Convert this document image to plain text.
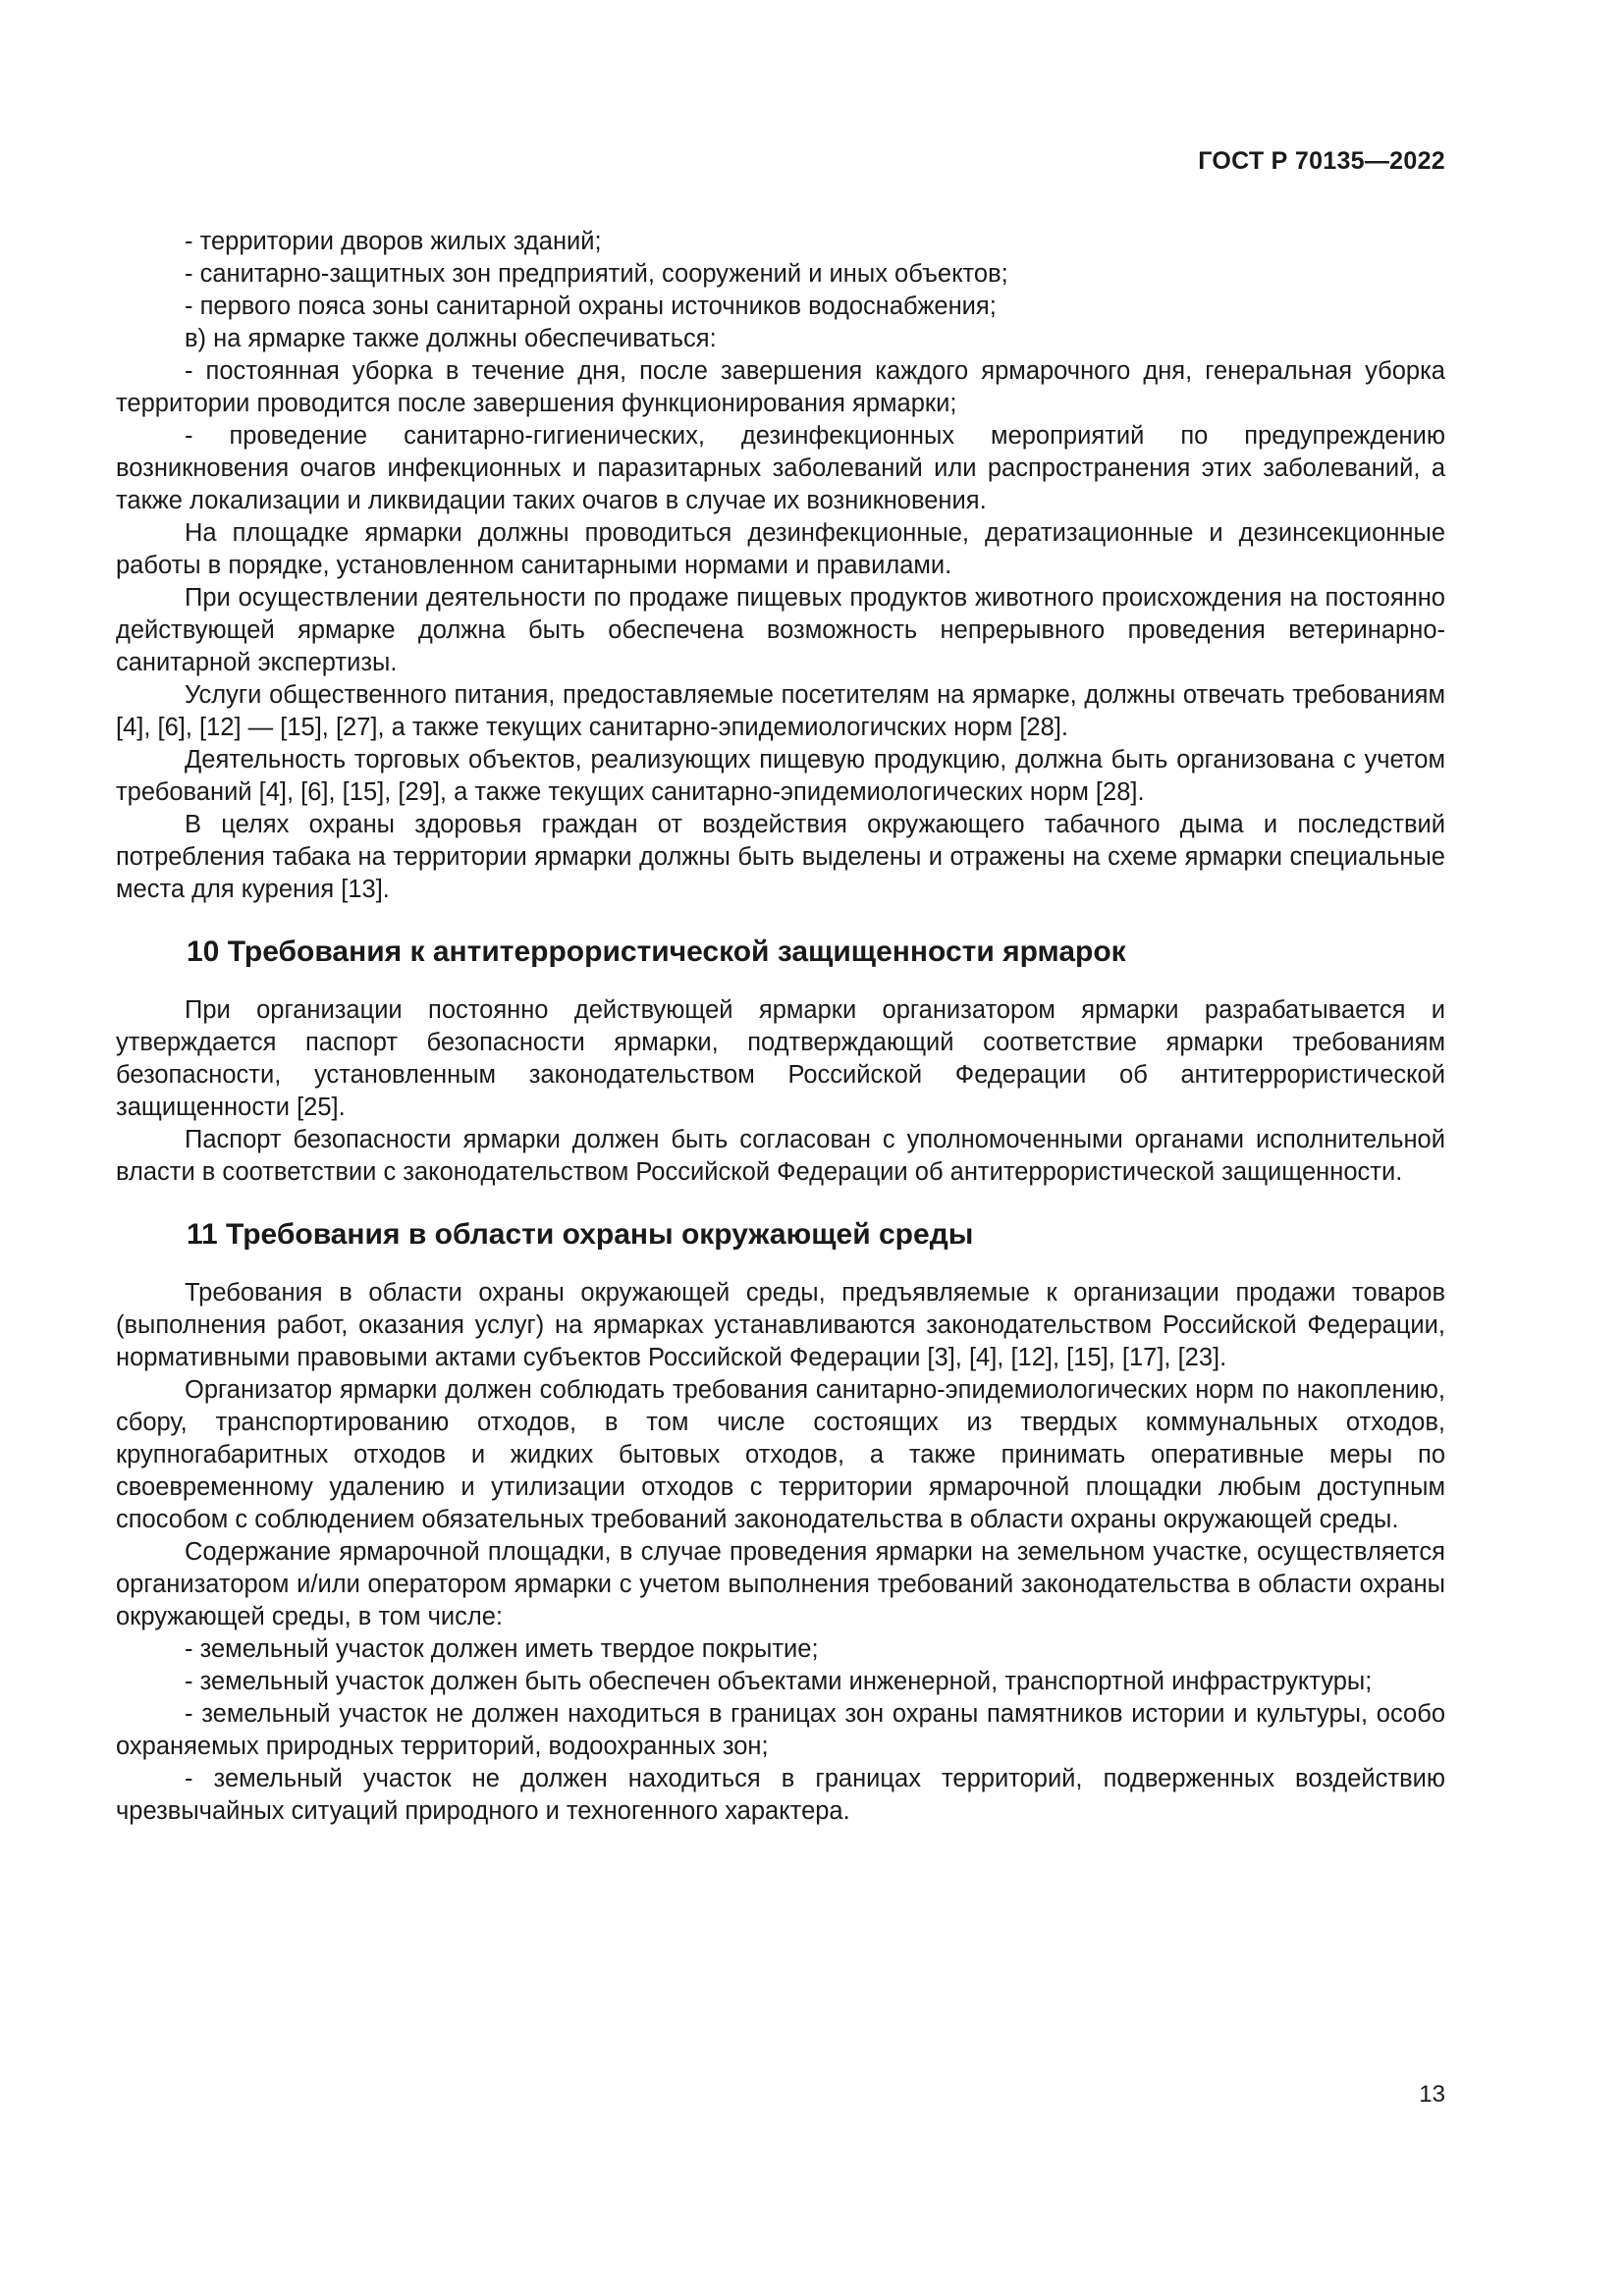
ГОСТ Р 70135—2022

- территории дворов жилых зданий;

- санитарно-защитных зон предприятий, сооружений и иных объектов;

- первого пояса зоны санитарной охраны источников водоснабжения;

в) на ярмарке также должны обеспечиваться:

- постоянная уборка в течение дня, после завершения каждого ярмарочного дня, генеральная уборка территории проводится после завершения функционирования ярмарки;

- проведение санитарно-гигиенических, дезинфекционных мероприятий по предупреждению возникновения очагов инфекционных и паразитарных заболеваний или распространения этих заболеваний, а также локализации и ликвидации таких очагов в случае их возникновения.

На площадке ярмарки должны проводиться дезинфекционные, дератизационные и дезинсекционные работы в порядке, установленном санитарными нормами и правилами.

При осуществлении деятельности по продаже пищевых продуктов животного происхождения на постоянно действующей ярмарке должна быть обеспечена возможность непрерывного проведения ветеринарно-санитарной экспертизы.

Услуги общественного питания, предоставляемые посетителям на ярмарке, должны отвечать требованиям [4], [6], [12] — [15], [27], а также текущих санитарно-эпидемиологичских норм [28].

Деятельность торговых объектов, реализующих пищевую продукцию, должна быть организована с учетом требований [4], [6], [15], [29], а также текущих санитарно-эпидемиологических норм [28].

В целях охраны здоровья граждан от воздействия окружающего табачного дыма и последствий потребления табака на территории ярмарки должны быть выделены и отражены на схеме ярмарки специальные места для курения [13].

10 Требования к антитеррористической защищенности ярмарок

При организации постоянно действующей ярмарки организатором ярмарки разрабатывается и утверждается паспорт безопасности ярмарки, подтверждающий соответствие ярмарки требованиям безопасности, установленным законодательством Российской Федерации об антитеррористической защищенности [25].

Паспорт безопасности ярмарки должен быть согласован с уполномоченными органами исполнительной власти в соответствии с законодательством Российской Федерации об антитеррористической защищенности.

11 Требования в области охраны окружающей среды

Требования в области охраны окружающей среды, предъявляемые к организации продажи товаров (выполнения работ, оказания услуг) на ярмарках устанавливаются законодательством Российской Федерации, нормативными правовыми актами субъектов Российской Федерации [3], [4], [12], [15], [17], [23].

Организатор ярмарки должен соблюдать требования санитарно-эпидемиологических норм по накоплению, сбору, транспортированию отходов, в том числе состоящих из твердых коммунальных отходов, крупногабаритных отходов и жидких бытовых отходов, а также принимать оперативные меры по своевременному удалению и утилизации отходов с территории ярмарочной площадки любым доступным способом с соблюдением обязательных требований законодательства в области охраны окружающей среды.

Содержание ярмарочной площадки, в случае проведения ярмарки на земельном участке, осуществляется организатором и/или оператором ярмарки с учетом выполнения требований законодательства в области охраны окружающей среды, в том числе:

- земельный участок должен иметь твердое покрытие;

- земельный участок должен быть обеспечен объектами инженерной, транспортной инфраструктуры;

- земельный участок не должен находиться в границах зон охраны памятников истории и культуры, особо охраняемых природных территорий, водоохранных зон;

- земельный участок не должен находиться в границах территорий, подверженных воздействию чрезвычайных ситуаций природного и техногенного характера.

13
